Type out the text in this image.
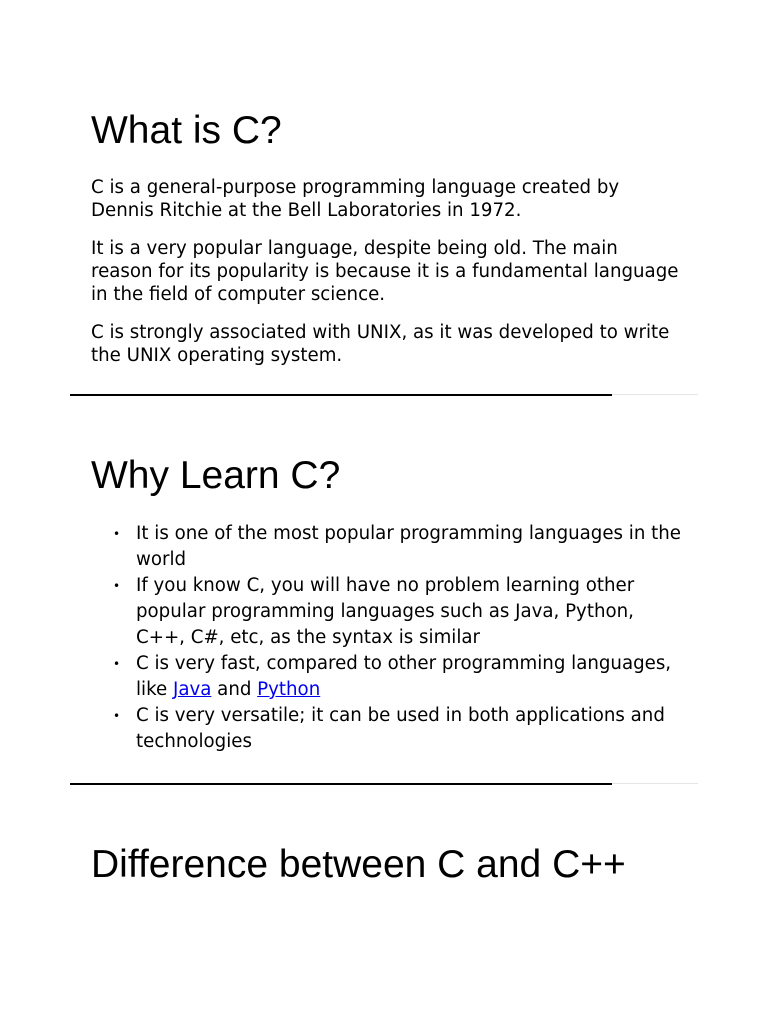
What is C?

C is a general-purpose programming language created by Dennis Ritchie at the Bell Laboratories in 1972.

It is a very popular language, despite being old. The main reason for its popularity is because it is a fundamental language in the field of computer science.

C is strongly associated with UNIX, as it was developed to write the UNIX operating system.

Why Learn C?
• It is one of the most popular programming languages in the world
• If you know C, you will have no problem learning other popular programming languages such as Java, Python, C++, C#, etc, as the syntax is similar
• C is very fast, compared to other programming languages, like Java and Python
• C is very versatile; it can be used in both applications and technologies
Difference between C and C++
